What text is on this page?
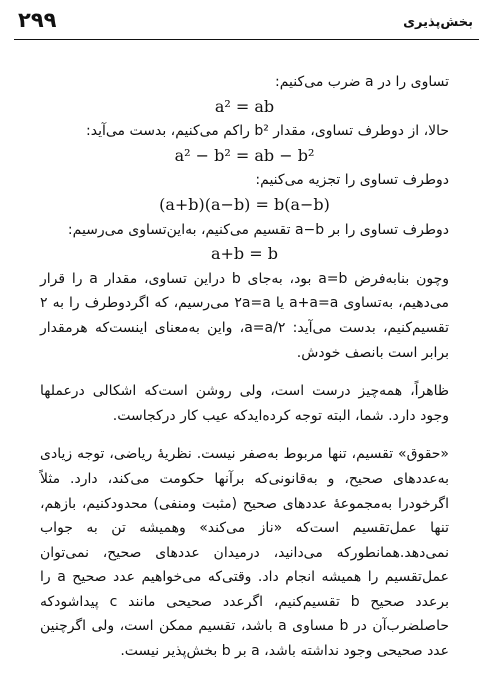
۲۹۹	بخش‌پذیری

تساوی را در a ضرب می‌کنیم:

a² = ab

حالا، از دوطرف تساوی، مقدار b² راکم می‌کنیم، بدست می‌آید:

a² − b² = ab − b²

دوطرف تساوی را تجزیه می‌کنیم:

(a+b)(a−b) = b(a−b)

دوطرف تساوی را بر a−b تقسیم می‌کنیم، به‌این‌تساوی می‌رسیم:

a+b = b

وچون بنابه‌فرض a=b بود، به‌جای b دراین تساوی، مقدار a را قرار می‌دهیم، به‌تساوی a+a=a یا ۲a=a می‌رسیم، که اگردوطرف را به ۲ تقسیم‌کنیم، بدست می‌آید: a=a/۲، واین به‌معنای اینست‌که هرمقدار برابر است بانصف خودش.

ظاهراً، همه‌چیز درست است، ولی روشن است‌که اشکالی درعملها وجود دارد. شما، البته توجه کرده‌اید‌که عیب کار در‌کجاست.

«حقوق» تقسیم، تنها مربوط به‌صفر نیست. نظریهٔ ریاضی، توجه زیادی به‌عددهای صحیح، و به‌قانونی‌که برآنها حکومت می‌کند، دارد. مثلاً اگرخودرا به‌مجموعهٔ عددهای صحیح (مثبت ومنفی) محدودکنیم، بازهم، تنها عمل‌تقسیم است‌که «ناز می‌کند» وهمیشه تن به جواب نمی‌دهد.همانطورکه می‌دانید، درمیدان عددهای صحیح، نمی‌توان عمل‌تقسیم را همیشه انجام داد. وقتی‌که می‌خواهیم عدد صحیح a را برعدد صحیح b تقسیم‌کنیم، اگرعدد صحیحی مانند c پیداشودکه حاصلضرب‌آن در b مساوی a باشد، تقسیم ممکن است، ولی اگرچنین عدد صحیحی وجود نداشته باشد، a بر b بخش‌پذیر نیست.
